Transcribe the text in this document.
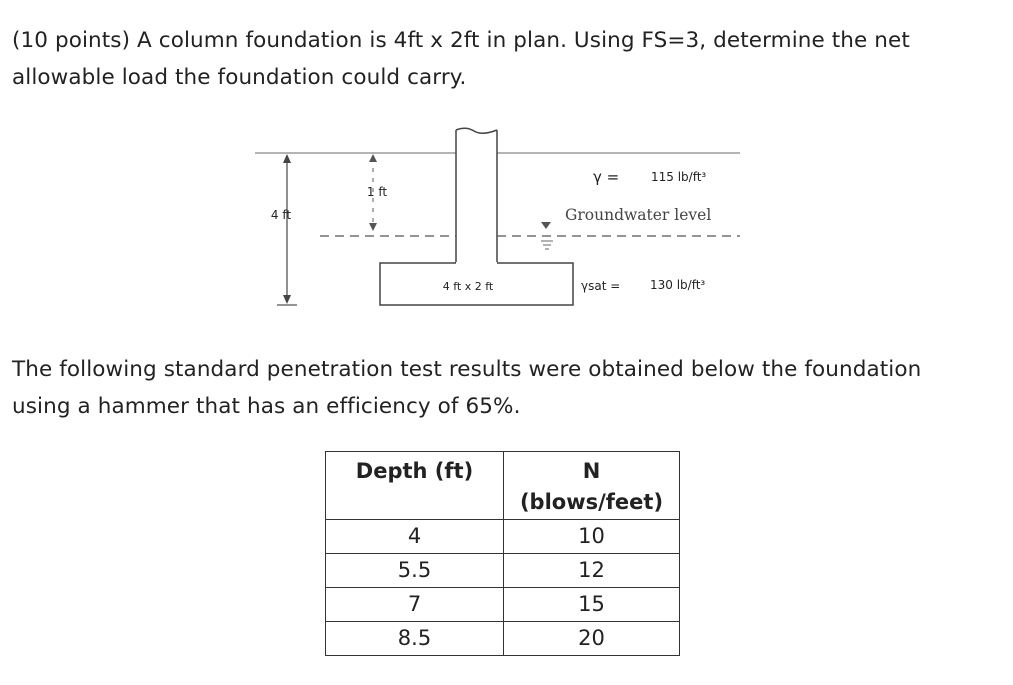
(10 points) A column foundation is 4ft x 2ft in plan. Using FS=3, determine the net
allowable load the foundation could carry.
4 ft
1 ft
γ =	115 lb/ft³
Groundwater level
4 ft x 2 ft	γsat = 130 lb/ft³
The following standard penetration test results were obtained below the foundation
using a hammer that has an efficiency of 65%.
Depth (ft)	N
(blows/feet)

4	10
5.5	12
7	15
8.5	20
